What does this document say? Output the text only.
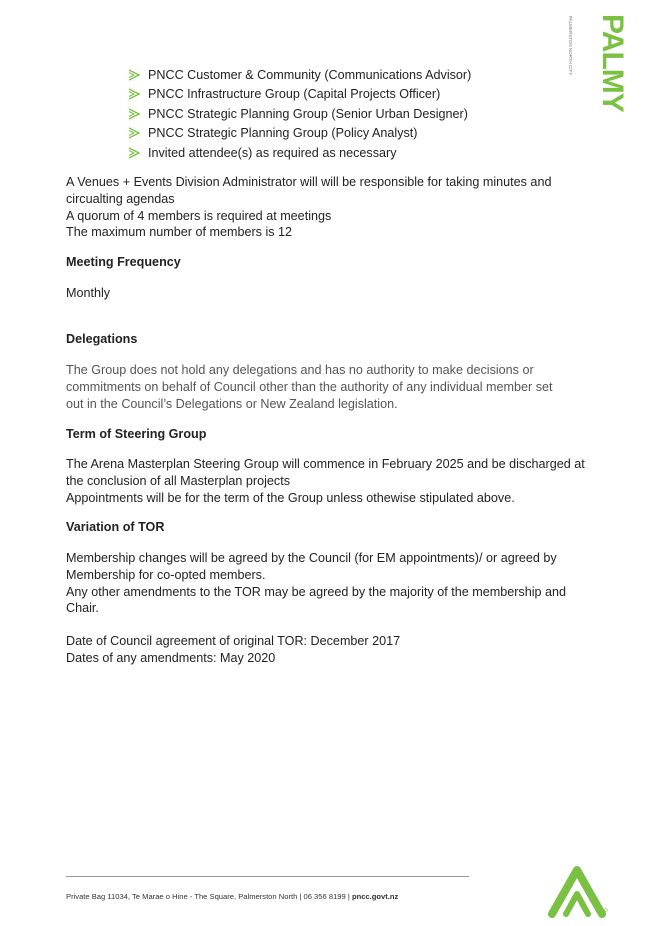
PALMY
PALMERSTON NORTH CITY
PNCC Customer & Community (Communications Advisor)
PNCC Infrastructure Group (Capital Projects Officer)
PNCC Strategic Planning Group (Senior Urban Designer)
PNCC Strategic Planning Group (Policy Analyst)
Invited attendee(s) as required as necessary

A Venues + Events Division Administrator will will be responsible for taking minutes and

circualting agendas

A quorum of 4 members is required at meetings

The maximum number of members is 12

Meeting Frequency

Monthly

Delegations

The Group does not hold any delegations and has no authority to make decisions or

commitments on behalf of Council other than the authority of any individual member set

out in the Council’s Delegations or New Zealand legislation.

Term of Steering Group

The Arena Masterplan Steering Group will commence in February 2025 and be discharged at

the conclusion of all Masterplan projects

Appointments will be for the term of the Group unless othewise stipulated above.

Variation of TOR

Membership changes will be agreed by the Council (for EM appointments)/ or agreed by

Membership for co-opted members.

Any other amendments to the TOR may be agreed by the majority of the membership and

Chair.

Date of Council agreement of original TOR: December 2017

Dates of any amendments: May 2020

Private Bag 11034, Te Marae o Hine - The Square, Palmerston North | 06 356 8199 | pncc.govt.nz
